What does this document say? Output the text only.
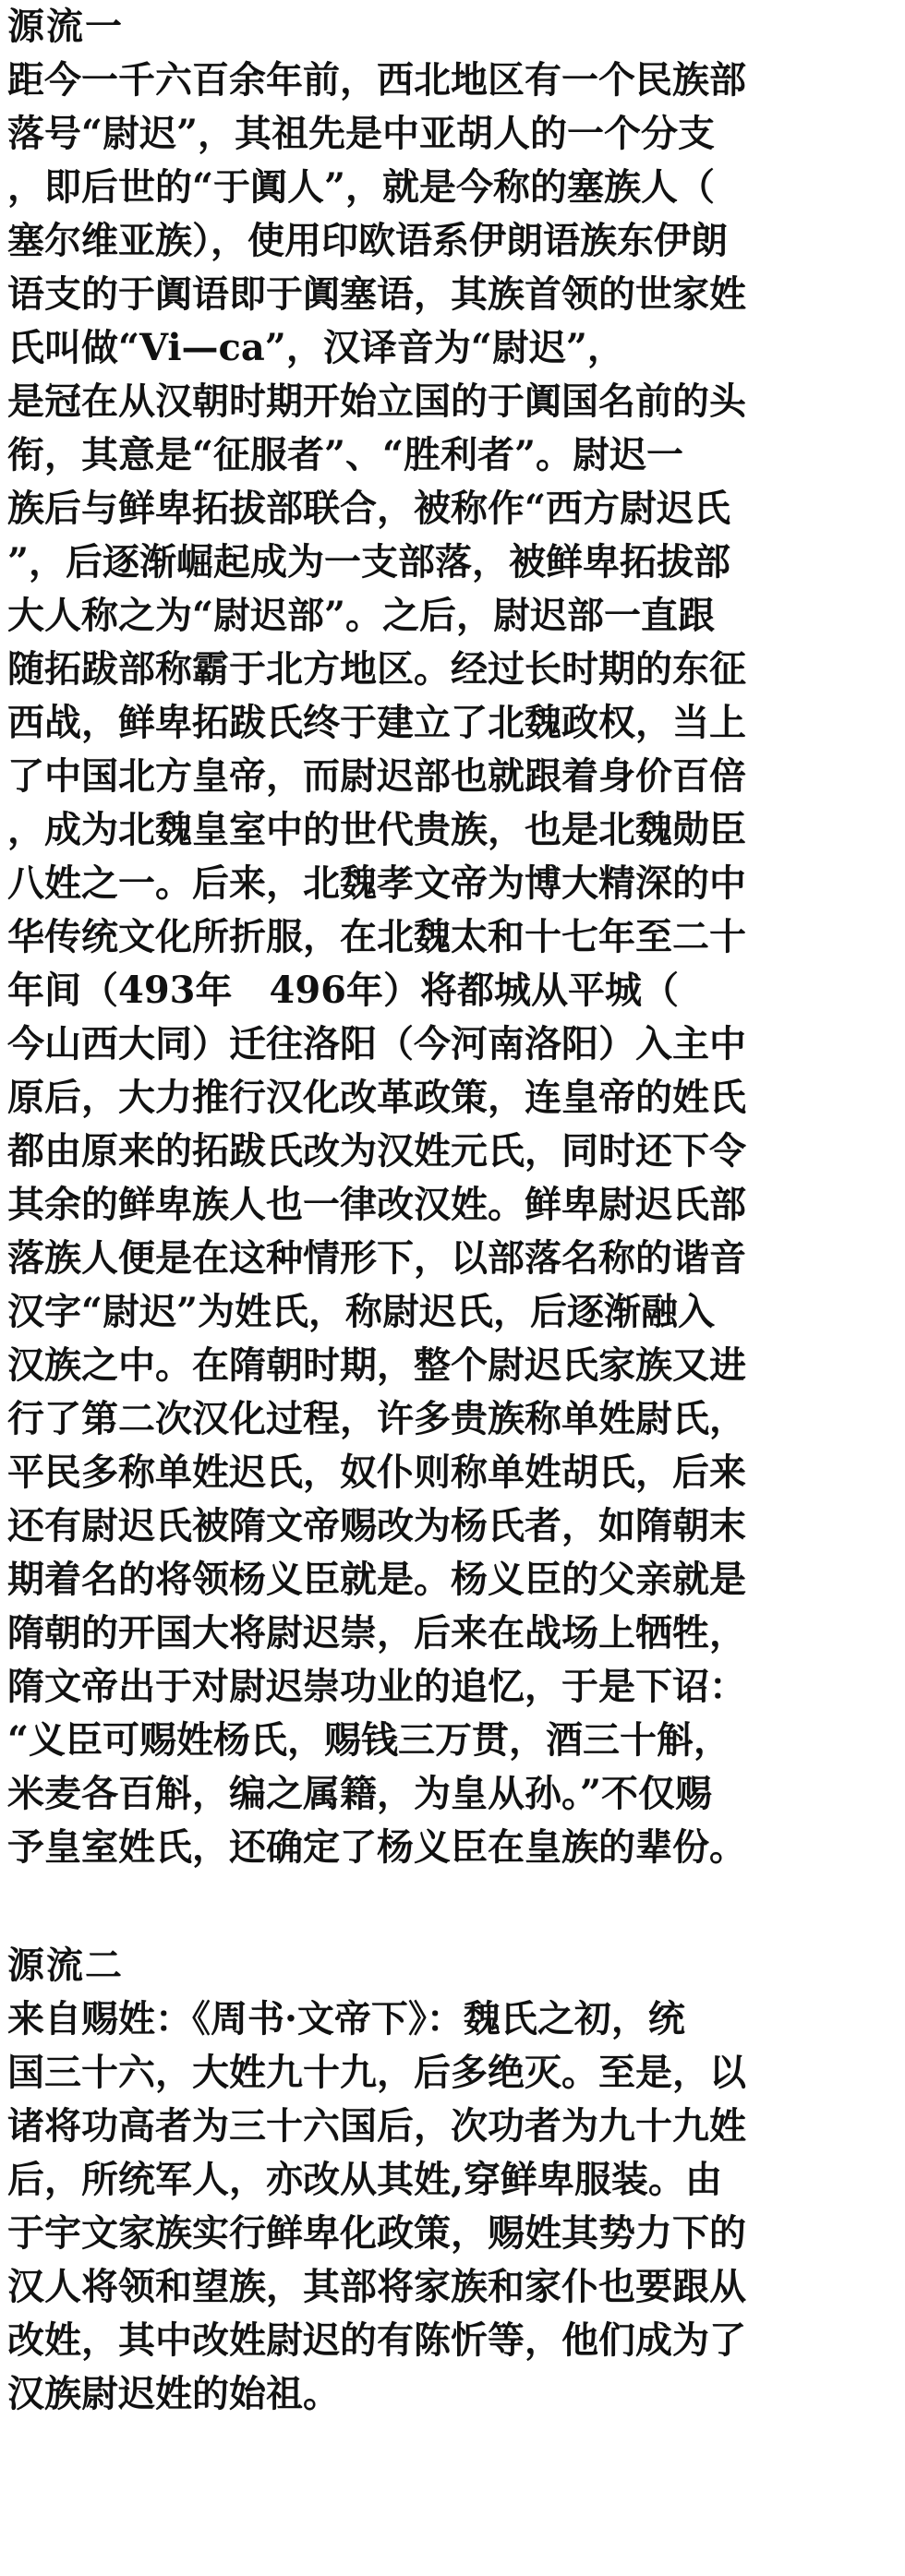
源流一
距今一千六百余年前，西北地区有一个民族部
落号“尉迟”，其祖先是中亚胡人的一个分支
，即后世的“于阗人”，就是今称的塞族人（
塞尔维亚族），使用印欧语系伊朗语族东伊朗
语支的于阗语即于阗塞语，其族首领的世家姓
氏叫做“Vi—ca”，汉译音为“尉迟”，
是冠在从汉朝时期开始立国的于阗国名前的头
衔，其意是“征服者”、“胜利者”。尉迟一
族后与鲜卑拓拔部联合，被称作“西方尉迟氏
”，后逐渐崛起成为一支部落，被鲜卑拓拔部
大人称之为“尉迟部”。之后，尉迟部一直跟
随拓跋部称霸于北方地区。经过长时期的东征
西战，鲜卑拓跋氏终于建立了北魏政权，当上
了中国北方皇帝，而尉迟部也就跟着身价百倍
，成为北魏皇室中的世代贵族，也是北魏勋臣
八姓之一。后来，北魏孝文帝为博大精深的中
华传统文化所折服，在北魏太和十七年至二十
年间（493年　496年）将都城从平城（
今山西大同）迁往洛阳（今河南洛阳）入主中
原后，大力推行汉化改革政策，连皇帝的姓氏
都由原来的拓跋氏改为汉姓元氏，同时还下令
其余的鲜卑族人也一律改汉姓。鲜卑尉迟氏部
落族人便是在这种情形下，以部落名称的谐音
汉字“尉迟”为姓氏，称尉迟氏，后逐渐融入
汉族之中。在隋朝时期，整个尉迟氏家族又进
行了第二次汉化过程，许多贵族称单姓尉氏，
平民多称单姓迟氏，奴仆则称单姓胡氏，后来
还有尉迟氏被隋文帝赐改为杨氏者，如隋朝末
期着名的将领杨义臣就是。杨义臣的父亲就是
隋朝的开国大将尉迟崇，后来在战场上牺牲，
隋文帝出于对尉迟崇功业的追忆，于是下诏：
“义臣可赐姓杨氏，赐钱三万贯，酒三十斛，
米麦各百斛，编之属籍，为皇从孙。”不仅赐
予皇室姓氏，还确定了杨义臣在皇族的辈份。
源流二
来自赐姓：《周书·文帝下》：魏氏之初，统
国三十六，大姓九十九，后多绝灭。至是，以
诸将功高者为三十六国后，次功者为九十九姓
后，所统军人，亦改从其姓,穿鲜卑服装。由
于宇文家族实行鲜卑化政策，赐姓其势力下的
汉人将领和望族，其部将家族和家仆也要跟从
改姓，其中改姓尉迟的有陈忻等，他们成为了
汉族尉迟姓的始祖。
